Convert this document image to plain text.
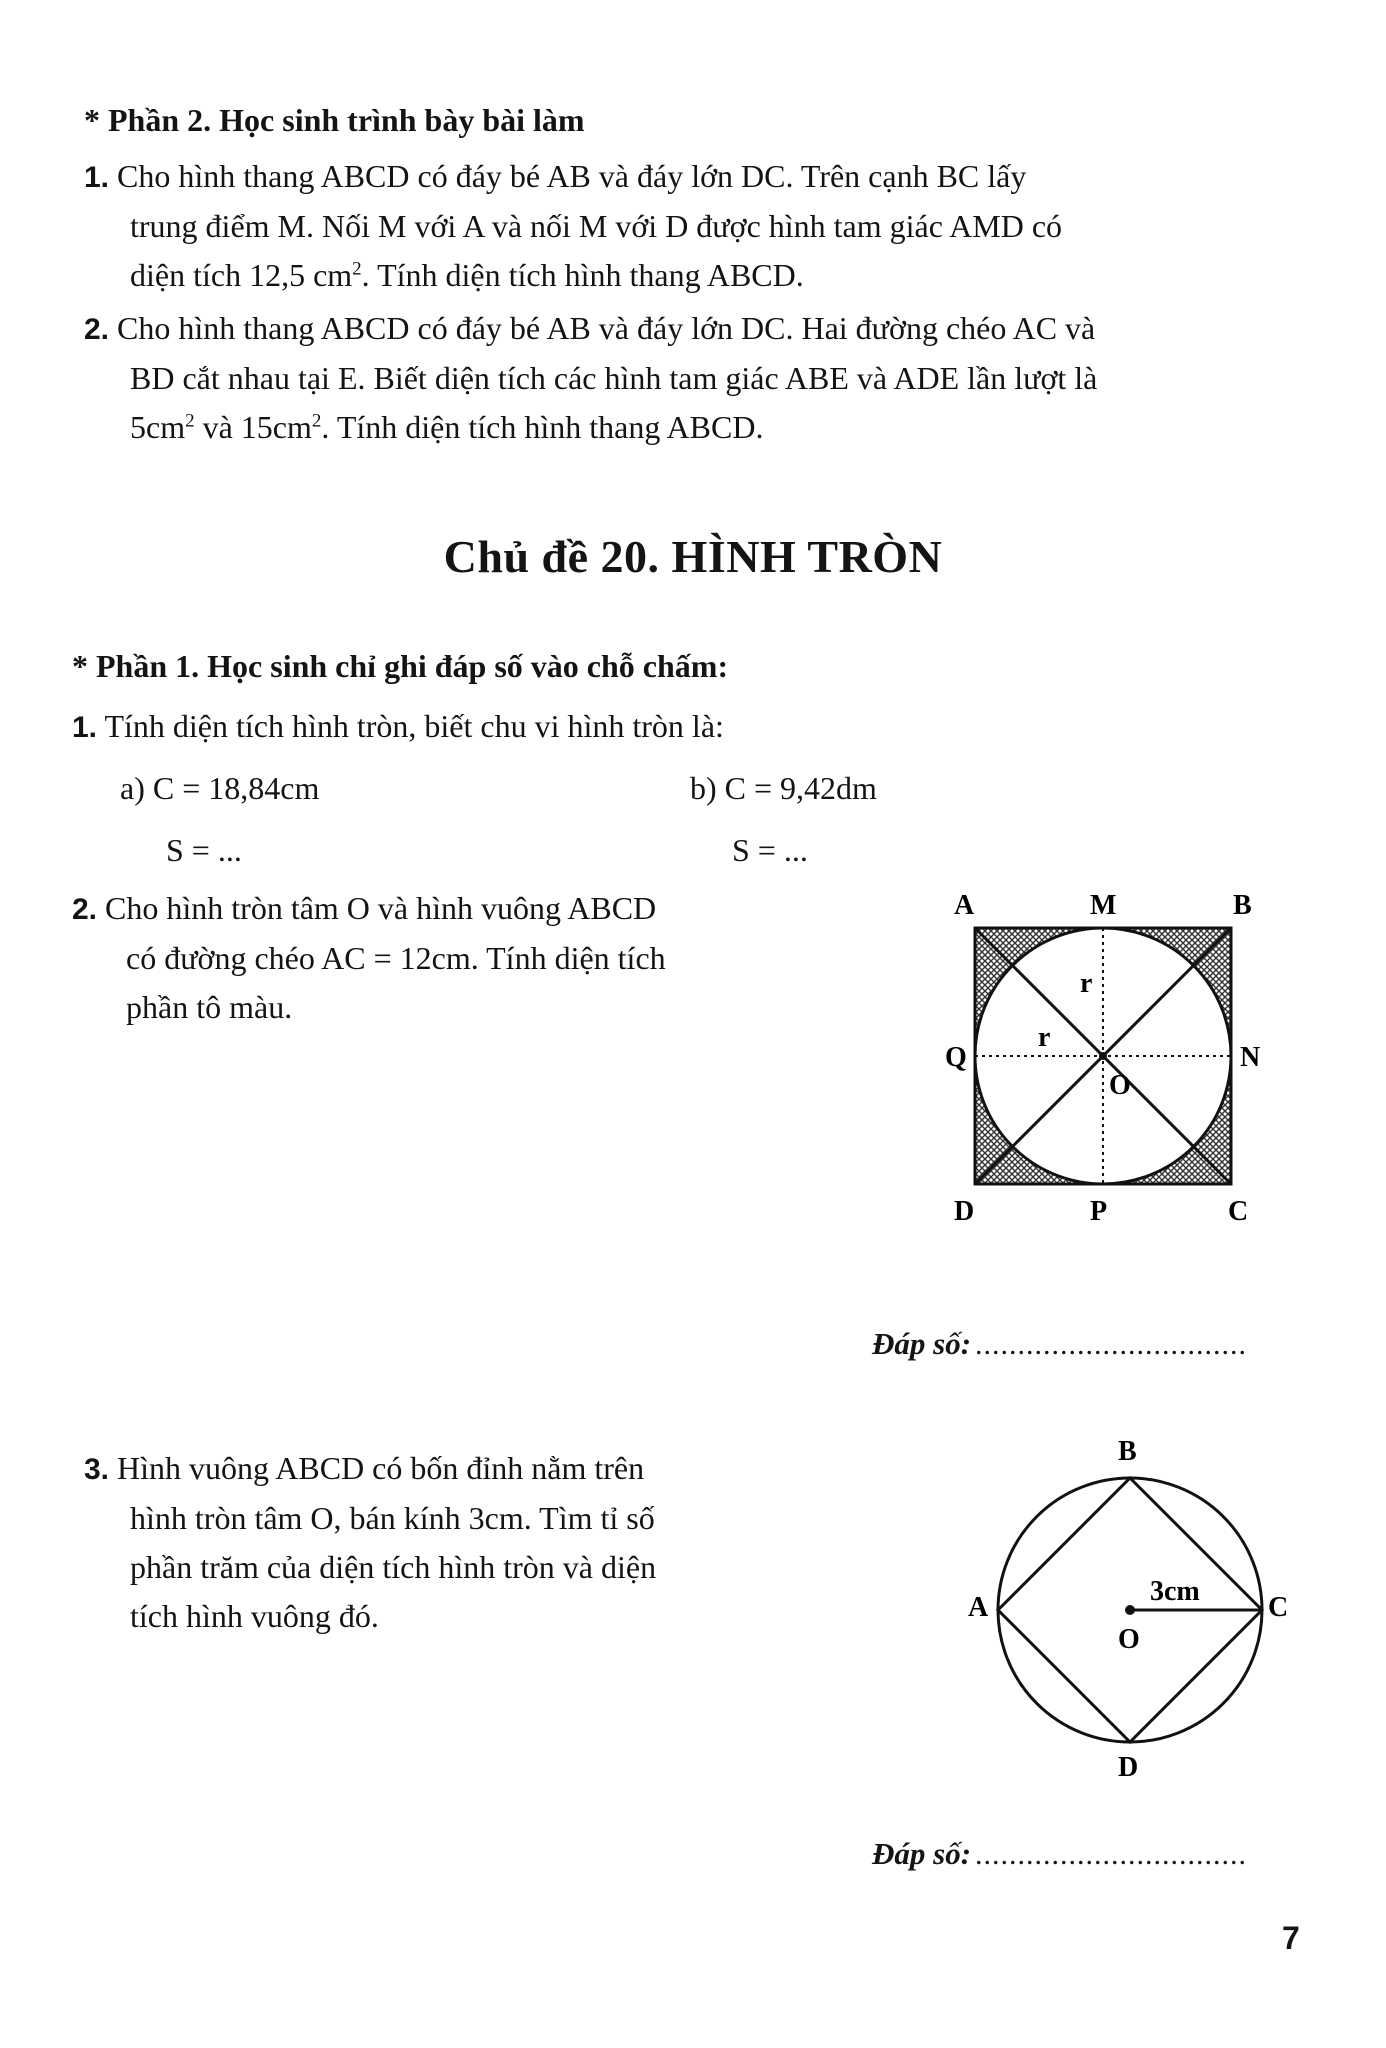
* Phần 2. Học sinh trình bày bài làm
1. Cho hình thang ABCD có đáy bé AB và đáy lớn DC. Trên cạnh BC lấy
trung điểm M. Nối M với A và nối M với D được hình tam giác AMD có
diện tích 12,5 $cm^2$. Tính diện tích hình thang ABCD.
2. Cho hình thang ABCD có đáy bé AB và đáy lớn DC. Hai đường chéo AC và
BD cắt nhau tại E. Biết diện tích các hình tam giác ABE và ADE lần lượt là
$5cm^2$ và $15cm^2$. Tính diện tích hình thang ABCD.
Chủ đề 20. HÌNH TRÒN
* Phần 1. Học sinh chỉ ghi đáp số vào chỗ chấm:
1. Tính diện tích hình tròn, biết chu vi hình tròn là:
a) C = 18,84cm	b) C = 9,42dm
S = ...	S = ...
2. Cho hình tròn tâm O và hình vuông ABCD
có đường chéo AC = 12cm. Tính diện tích
phần tô màu.
A	M	B
Q	N
O
r
r
D	P	C
Đáp số: ................................
3. Hình vuông ABCD có bốn đỉnh nằm trên
hình tròn tâm O, bán kính 3cm. Tìm tỉ số
phần trăm của diện tích hình tròn và diện
tích hình vuông đó.
B
A	C
D
O
3cm
Đáp số: ................................
7
